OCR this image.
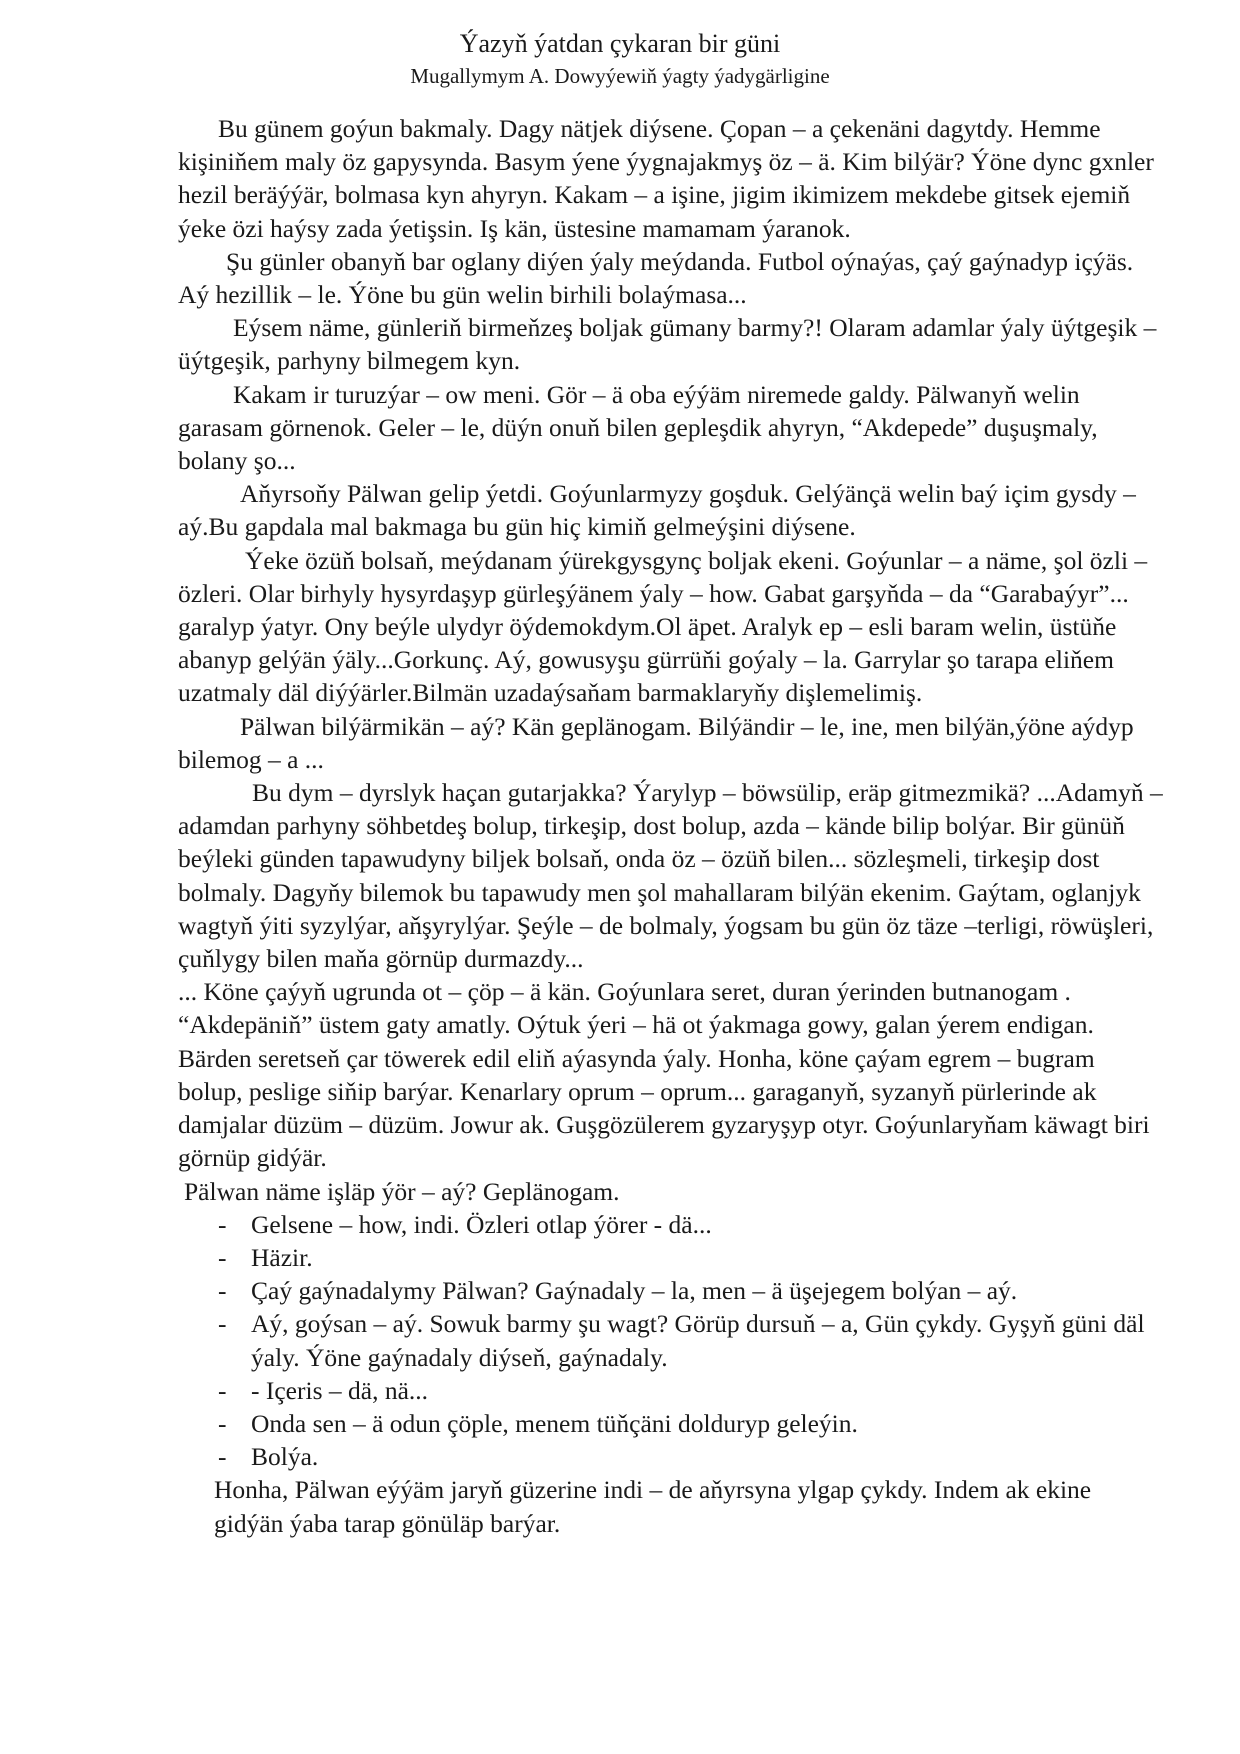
Ýazyň ýatdan çykaran bir güni
Mugallymym A. Dowyýewiň ýagty ýadygärligine

Bu günem goýun bakmaly. Dagy nätjek diýsene. Çopan – a çekenäni dagytdy. Hemme kişiniňem maly öz gapysynda. Basym ýene ýygnajakmyş öz – ä. Kim bilýär? Ýöne dync gxnler hezil beräýýär, bolmasa kyn ahyryn. Kakam – a işine, jigim ikimizem mekdebe gitsek ejemiň ýeke özi haýsy zada ýetişsin. Iş kän, üstesine mamamam ýaranok.

Şu günler obanyň bar oglany diýen ýaly meýdanda. Futbol oýnaýas, çaý gaýnadyp içýäs. Aý hezillik – le. Ýöne bu gün welin birhili bolaýmasa...

Eýsem näme, günleriň birmeňzeş boljak gümany barmy?! Olaram adamlar ýaly üýtgeşik – üýtgeşik, parhyny bilmegem kyn.

Kakam ir turuzýar – ow meni. Gör – ä oba eýýäm niremede galdy. Pälwanyň welin garasam görnenok. Geler – le, düýn onuň bilen gepleşdik ahyryn, “Akdepede” duşuşmaly, bolany şo...

Aňyrsoňy Pälwan gelip ýetdi. Goýunlarmyzy goşduk. Gelýänçä welin baý içim gysdy – aý.Bu gapdala mal bakmaga bu gün hiç kimiň gelmeýşini diýsene.

Ýeke özüň bolsaň, meýdanam ýürekgysgynç boljak ekeni. Goýunlar – a näme, şol özli – özleri. Olar birhyly hysyrdaşyp gürleşýänem ýaly – how. Gabat garşyňda – da “Garabaýyr”... garalyp ýatyr. Ony beýle ulydyr öýdemokdym.Ol äpet. Aralyk ep – esli baram welin, üstüňe abanyp gelýän ýäly...Gorkunç. Aý, gowusyşu gürrüňi goýaly – la. Garrylar şo tarapa eliňem uzatmaly däl diýýärler.Bilmän uzadaýsaňam barmaklaryňy dişlemelimiş.

Pälwan bilýärmikän – aý? Kän geplänogam. Bilýändir – le, ine, men bilýän,ýöne aýdyp bilemog – a ...

Bu dym – dyrslyk haçan gutarjakka? Ýarylyp – böwsülip, eräp gitmezmikä? ...Adamyň – adamdan parhyny söhbetdeş bolup, tirkeşip, dost bolup, azda – kände bilip bolýar. Bir günüň beýleki günden tapawudyny biljek bolsaň, onda öz – özüň bilen... sözleşmeli, tirkeşip dost bolmaly. Dagyňy bilemok bu tapawudy men şol mahallaram bilýän ekenim. Gaýtam, oglanjyk wagtyň ýiti syzylýar, aňşyrylýar. Şeýle – de bolmaly, ýogsam bu gün öz täze –terligi, röwüşleri, çuňlygy bilen maňa görnüp durmazdy...

... Köne çaýyň ugrunda ot – çöp – ä kän. Goýunlara seret, duran ýerinden butnanogam . “Akdepäniň” üstem gaty amatly. Oýtuk ýeri – hä ot ýakmaga gowy, galan ýerem endigan. Bärden seretseň çar töwerek edil eliň aýasynda ýaly. Honha, köne çaýam egrem – bugram bolup, peslige siňip barýar. Kenarlary oprum – oprum... garaganyň, syzanyň pürlerinde ak damjalar düzüm – düzüm. Jowur ak. Guşgözülerem gyzaryşyp otyr. Goýunlaryňam käwagt biri görnüp gidýär.

Pälwan näme işläp ýör – aý? Geplänogam.

- Gelsene – how, indi. Özleri otlap ýörer - dä...
- Häzir.
- Çaý gaýnadalymy Pälwan? Gaýnadaly – la, men – ä üşejegem bolýan – aý.
- Aý, goýsan – aý. Sowuk barmy şu wagt? Görüp dursuň – a, Gün çykdy. Gyşyň güni däl ýaly. Ýöne gaýnadaly diýseň, gaýnadaly.
- - Içeris – dä, nä...
- Onda sen – ä odun çöple, menem tüňçäni dolduryp geleýin.
- Bolýa.

Honha, Pälwan eýýäm jaryň güzerine indi – de aňyrsyna ylgap çykdy. Indem ak ekine gidýän ýaba tarap gönüläp barýar.
